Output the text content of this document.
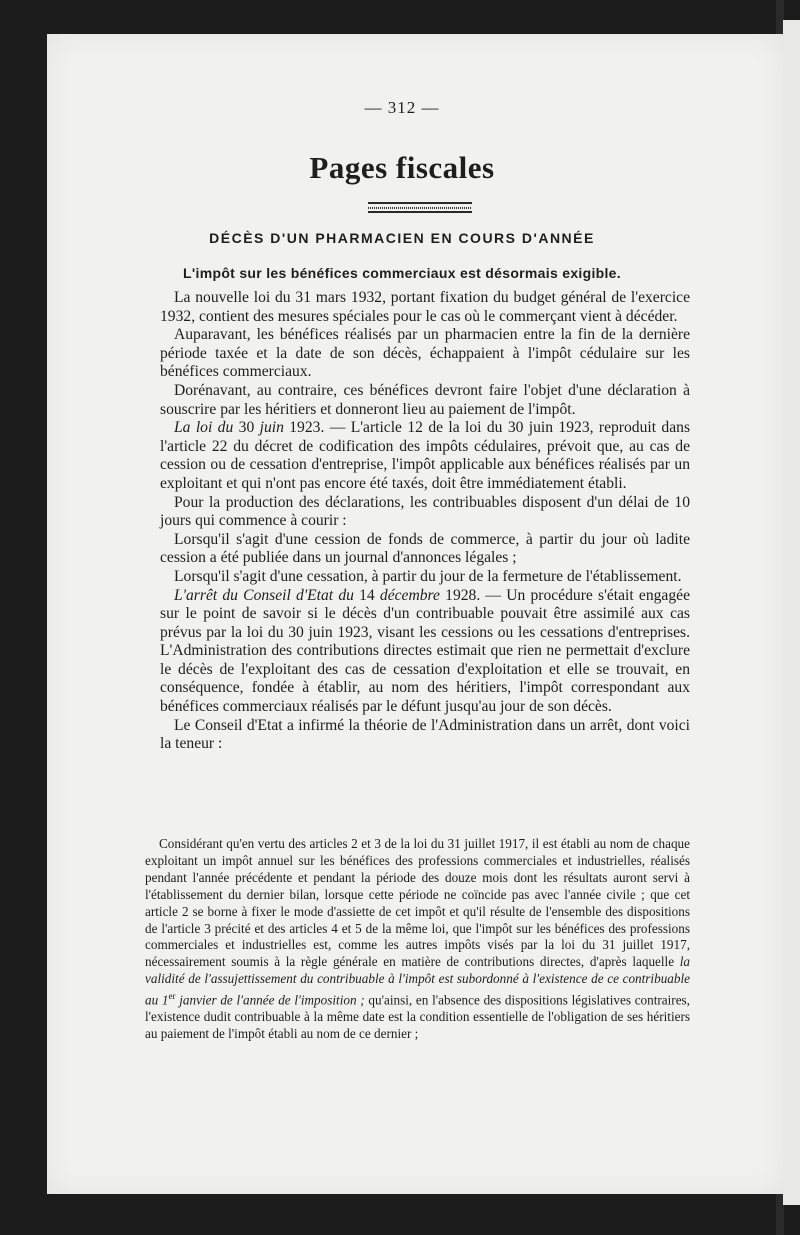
— 312 —
Pages fiscales
DÉCÈS D'UN PHARMACIEN EN COURS D'ANNÉE
L'impôt sur les bénéfices commerciaux est désormais exigible.

La nouvelle loi du 31 mars 1932, portant fixation du budget général de l'exercice 1932, contient des mesures spéciales pour le cas où le commerçant vient à décéder.

Auparavant, les bénéfices réalisés par un pharmacien entre la fin de la dernière période taxée et la date de son décès, échappaient à l'impôt cédulaire sur les bénéfices commerciaux.

Dorénavant, au contraire, ces bénéfices devront faire l'objet d'une déclaration à souscrire par les héritiers et donneront lieu au paiement de l'impôt.

La loi du 30 juin 1923. — L'article 12 de la loi du 30 juin 1923, reproduit dans l'article 22 du décret de codification des impôts cédulaires, prévoit que, au cas de cession ou de cessation d'entreprise, l'impôt applicable aux bénéfices réalisés par un exploitant et qui n'ont pas encore été taxés, doit être immédiatement établi.

Pour la production des déclarations, les contribuables disposent d'un délai de 10 jours qui commence à courir :

Lorsqu'il s'agit d'une cession de fonds de commerce, à partir du jour où ladite cession a été publiée dans un journal d'annonces légales ;

Lorsqu'il s'agit d'une cessation, à partir du jour de la fermeture de l'établissement.

L'arrêt du Conseil d'Etat du 14 décembre 1928. — Un procédure s'était engagée sur le point de savoir si le décès d'un contribuable pouvait être assimilé aux cas prévus par la loi du 30 juin 1923, visant les cessions ou les cessations d'entreprises. L'Administration des contributions directes estimait que rien ne permettait d'exclure le décès de l'exploitant des cas de cessation d'exploitation et elle se trouvait, en conséquence, fondée à établir, au nom des héritiers, l'impôt correspondant aux bénéfices commerciaux réalisés par le défunt jusqu'au jour de son décès.

Le Conseil d'Etat a infirmé la théorie de l'Administration dans un arrêt, dont voici la teneur :

Considérant qu'en vertu des articles 2 et 3 de la loi du 31 juillet 1917, il est établi au nom de chaque exploitant un impôt annuel sur les bénéfices des professions commerciales et industrielles, réalisés pendant l'année précédente et pendant la période des douze mois dont les résultats auront servi à l'établissement du dernier bilan, lorsque cette période ne coïncide pas avec l'année civile ; que cet article 2 se borne à fixer le mode d'assiette de cet impôt et qu'il résulte de l'ensemble des dispositions de l'article 3 précité et des articles 4 et 5 de la même loi, que l'impôt sur les bénéfices des professions commerciales et industrielles est, comme les autres impôts visés par la loi du 31 juillet 1917, nécessairement soumis à la règle générale en matière de contributions directes, d'après laquelle la validité de l'assujettissement du contribuable à l'impôt est subordonné à l'existence de ce contribuable au 1er janvier de l'année de l'imposition ; qu'ainsi, en l'absence des dispositions législatives contraires, l'existence dudit contribuable à la même date est la condition essentielle de l'obligation de ses héritiers au paiement de l'impôt établi au nom de ce dernier ;
